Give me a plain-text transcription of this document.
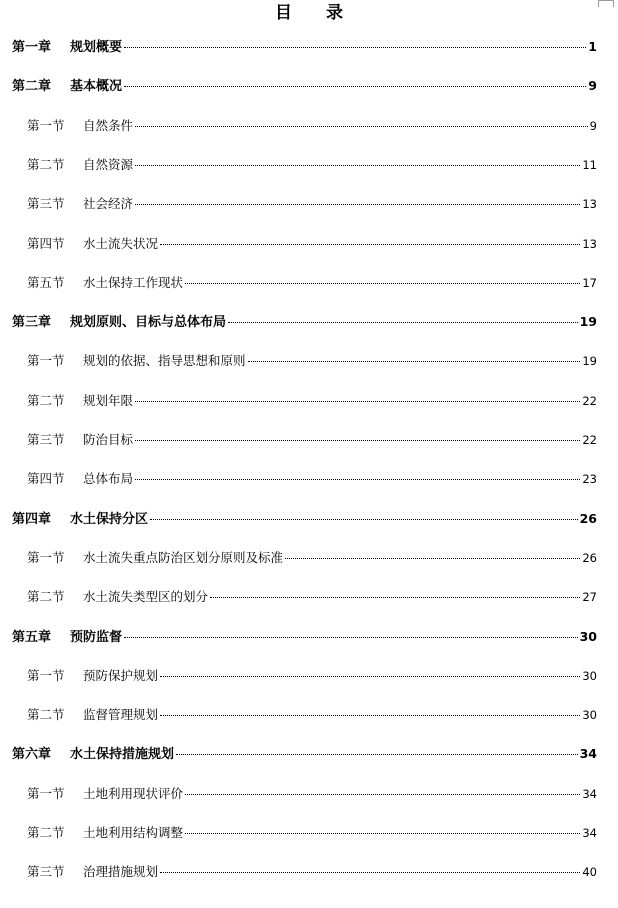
目 录
第一章 规划概要	1
第二章 基本概况	9
第一节 自然条件	9
第二节 自然资源	11
第三节 社会经济	13
第四节 水土流失状况	13
第五节 水土保持工作现状	17
第三章 规划原则、目标与总体布局	19
第一节 规划的依据、指导思想和原则	19
第二节 规划年限	22
第三节 防治目标	22
第四节 总体布局	23
第四章 水土保持分区	26
第一节 水土流失重点防治区划分原则及标准	26
第二节 水土流失类型区的划分	27
第五章 预防监督	30
第一节 预防保护规划	30
第二节 监督管理规划	30
第六章 水土保持措施规划	34
第一节 土地利用现状评价	34
第二节 土地利用结构调整	34
第三节 治理措施规划	40
